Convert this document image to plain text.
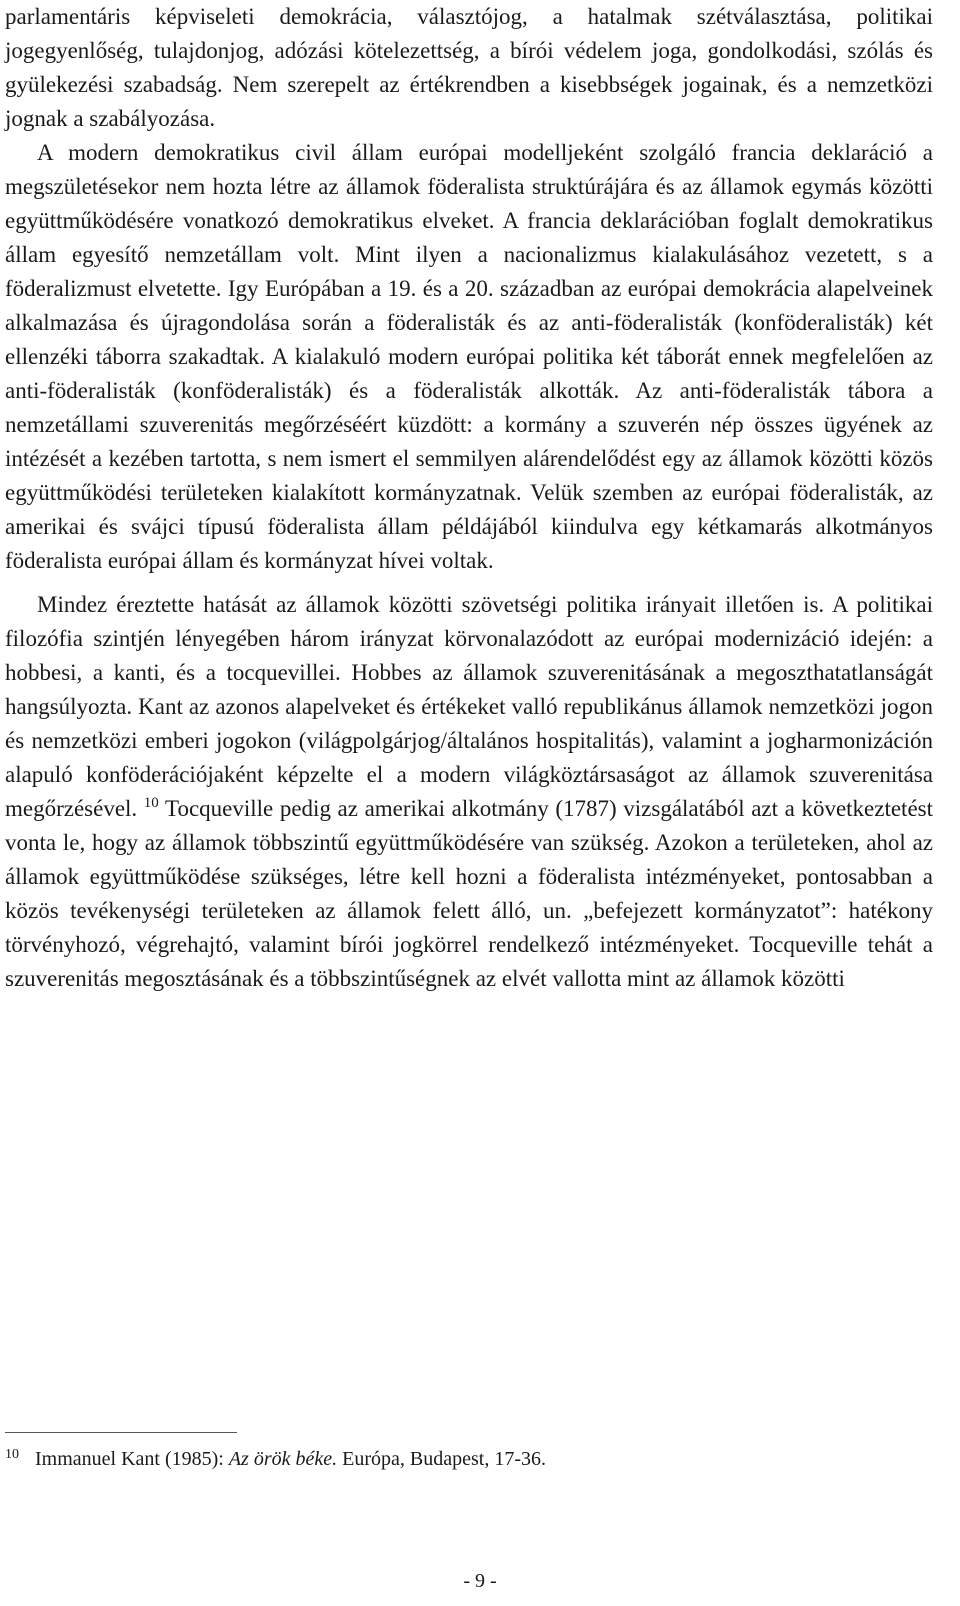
parlamentáris képviseleti demokrácia, választójog, a hatalmak szétválasztása, politikai jogegyenlőség, tulajdonjog, adózási kötelezettség, a bírói védelem joga, gondolkodási, szólás és gyülekezési szabadság. Nem szerepelt az értékrendben a kisebbségek jogainak, és a nemzetközi jognak a szabályozása.

A modern demokratikus civil állam európai modelljeként szolgáló francia deklaráció a megszületésekor nem hozta létre az államok föderalista struktúrájára és az államok egymás közötti együttműködésére vonatkozó demokratikus elveket. A francia deklarációban foglalt demokratikus állam egyesítő nemzetállam volt. Mint ilyen a nacionalizmus kialakulásához vezetett, s a föderalizmust elvetette. Igy Európában a 19. és a 20. században az európai demokrácia alapelveinek alkalmazása és újragondolása során a föderalisták és az anti-föderalisták (konföderalisták) két ellenzéki táborra szakadtak. A kialakuló modern európai politika két táborát ennek megfelelően az anti-föderalisták (konföderalisták) és a föderalisták alkották. Az anti-föderalisták tábora a nemzetállami szuverenitás megőrzéséért küzdött: a kormány a szuverén nép összes ügyének az intézését a kezében tartotta, s nem ismert el semmilyen alárendelődést egy az államok közötti közös együttműködési területeken kialakított kormányzatnak. Velük szemben az európai föderalisták, az amerikai és svájci típusú föderalista állam példájából kiindulva egy kétkamarás alkotmányos föderalista európai állam és kormányzat hívei voltak.

Mindez éreztette hatását az államok közötti szövetségi politika irányait illetően is. A politikai filozófia szintjén lényegében három irányzat körvonalazódott az európai modernizáció idején: a hobbesi, a kanti, és a tocquevillei. Hobbes az államok szuverenitásának a megoszthatatlanságát hangsúlyozta. Kant az azonos alapelveket és értékeket valló republikánus államok nemzetközi jogon és nemzetközi emberi jogokon (világpolgárjog/általános hospitalitás), valamint a jogharmonizáción alapuló konföderációjaként képzelte el a modern világköztársaságot az államok szuverenitása megőrzésével. $^{10}$ Tocqueville pedig az amerikai alkotmány (1787) vizsgálatából azt a következtetést vonta le, hogy az államok többszintű együttműködésére van szükség. Azokon a területeken, ahol az államok együttműködése szükséges, létre kell hozni a föderalista intézményeket, pontosabban a közös tevékenységi területeken az államok felett álló, un. „befejezett kormányzatot”: hatékony törvényhozó, végrehajtó, valamint bírói jogkörrel rendelkező intézményeket. Tocqueville tehát a szuverenitás megosztásának és a többszintűségnek az elvét vallotta mint az államok közötti

10 Immanuel Kant (1985): Az örök béke. Európa, Budapest, 17-36.
- 9 -
